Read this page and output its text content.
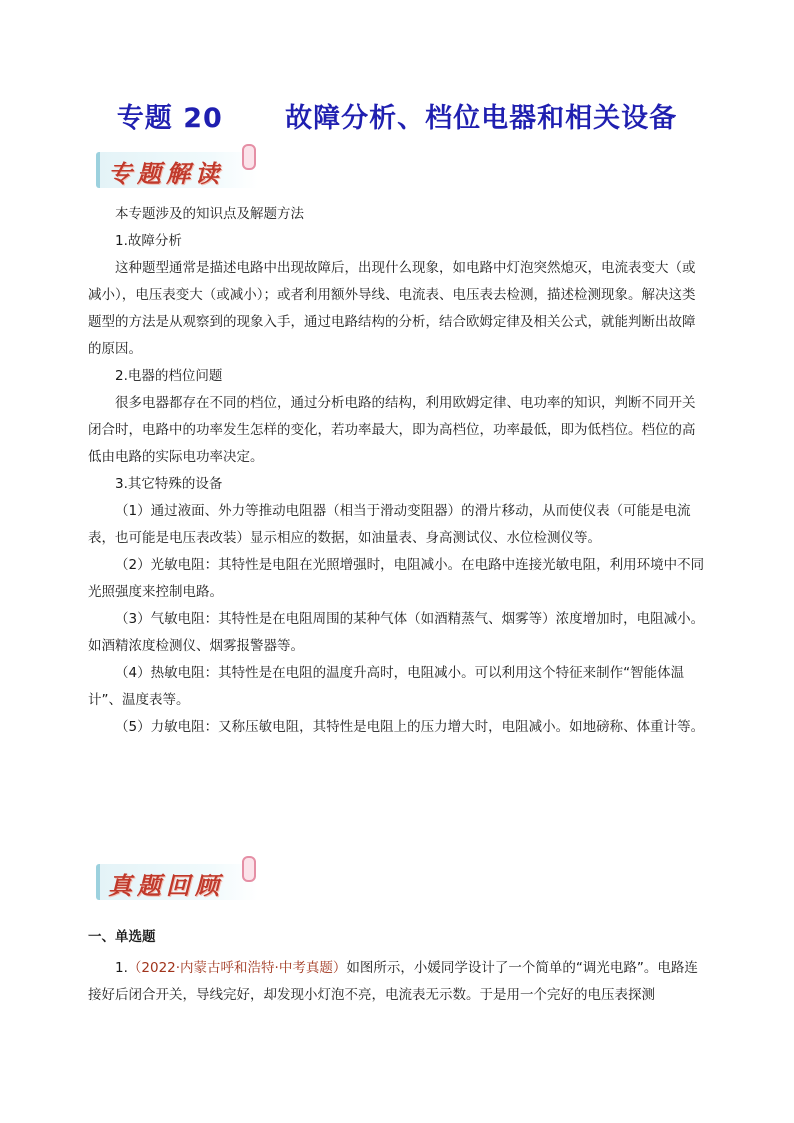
专题 20      故障分析、档位电器和相关设备
专题解读

本专题涉及的知识点及解题方法

1.故障分析

这种题型通常是描述电路中出现故障后，出现什么现象，如电路中灯泡突然熄灭，电流表变大（或减小），电压表变大（或减小）；或者利用额外导线、电流表、电压表去检测，描述检测现象。解决这类题型的方法是从观察到的现象入手，通过电路结构的分析，结合欧姆定律及相关公式，就能判断出故障的原因。

2.电器的档位问题

很多电器都存在不同的档位，通过分析电路的结构，利用欧姆定律、电功率的知识，判断不同开关闭合时，电路中的功率发生怎样的变化，若功率最大，即为高档位，功率最低，即为低档位。档位的高低由电路的实际电功率决定。

3.其它特殊的设备

（1）通过液面、外力等推动电阻器（相当于滑动变阻器）的滑片移动，从而使仪表（可能是电流表，也可能是电压表改装）显示相应的数据，如油量表、身高测试仪、水位检测仪等。

（2）光敏电阻：其特性是电阻在光照增强时，电阻减小。在电路中连接光敏电阻，利用环境中不同光照强度来控制电路。

（3）气敏电阻：其特性是在电阻周围的某种气体（如酒精蒸气、烟雾等）浓度增加时，电阻减小。如酒精浓度检测仪、烟雾报警器等。

（4）热敏电阻：其特性是在电阻的温度升高时，电阻减小。可以利用这个特征来制作“智能体温计”、温度表等。

（5）力敏电阻：又称压敏电阻，其特性是电阻上的压力增大时，电阻减小。如地磅称、体重计等。

真题回顾
一、单选题

1.（2022·内蒙古呼和浩特·中考真题）如图所示，小媛同学设计了一个简单的“调光电路”。电路连接好后闭合开关，导线完好，却发现小灯泡不亮，电流表无示数。于是用一个完好的电压表探测
